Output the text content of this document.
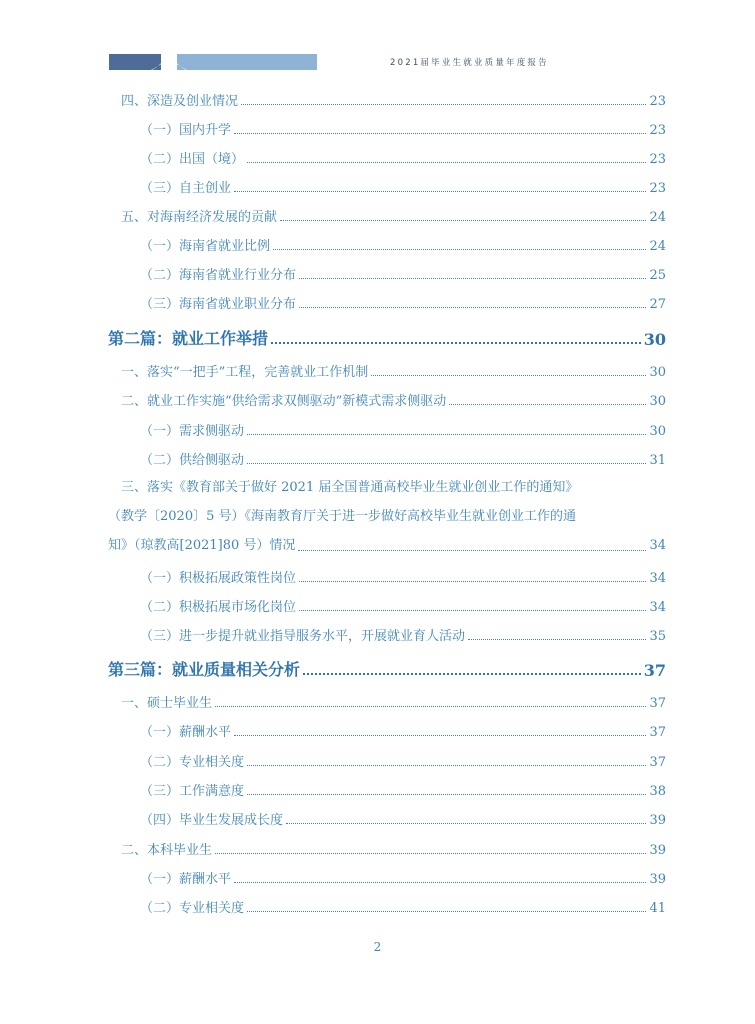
2021届毕业生就业质量年度报告
四、深造及创业情况	23
（一）国内升学	23
（二）出国（境）	23
（三）自主创业	23
五、对海南经济发展的贡献	24
（一）海南省就业比例	24
（二）海南省就业行业分布	25
（三）海南省就业职业分布	27
第二篇：就业工作举措	30
一、落实“一把手”工程，完善就业工作机制	30
二、就业工作实施“供给需求双侧驱动”新模式需求侧驱动	30
（一）需求侧驱动	30
（二）供给侧驱动	31
三、落实《教育部关于做好 2021 届全国普通高校毕业生就业创业工作的通知》
（教学〔2020〕5 号）《海南教育厅关于进一步做好高校毕业生就业创业工作的通
知》（琼教高[2021]80 号）情况	34
（一）积极拓展政策性岗位	34
（二）积极拓展市场化岗位	34
（三）进一步提升就业指导服务水平，开展就业育人活动	35
第三篇：就业质量相关分析	37
一、硕士毕业生	37
（一）薪酬水平	37
（二）专业相关度	37
（三）工作满意度	38
（四）毕业生发展成长度	39
二、本科毕业生	39
（一）薪酬水平	39
（二）专业相关度	41
2
